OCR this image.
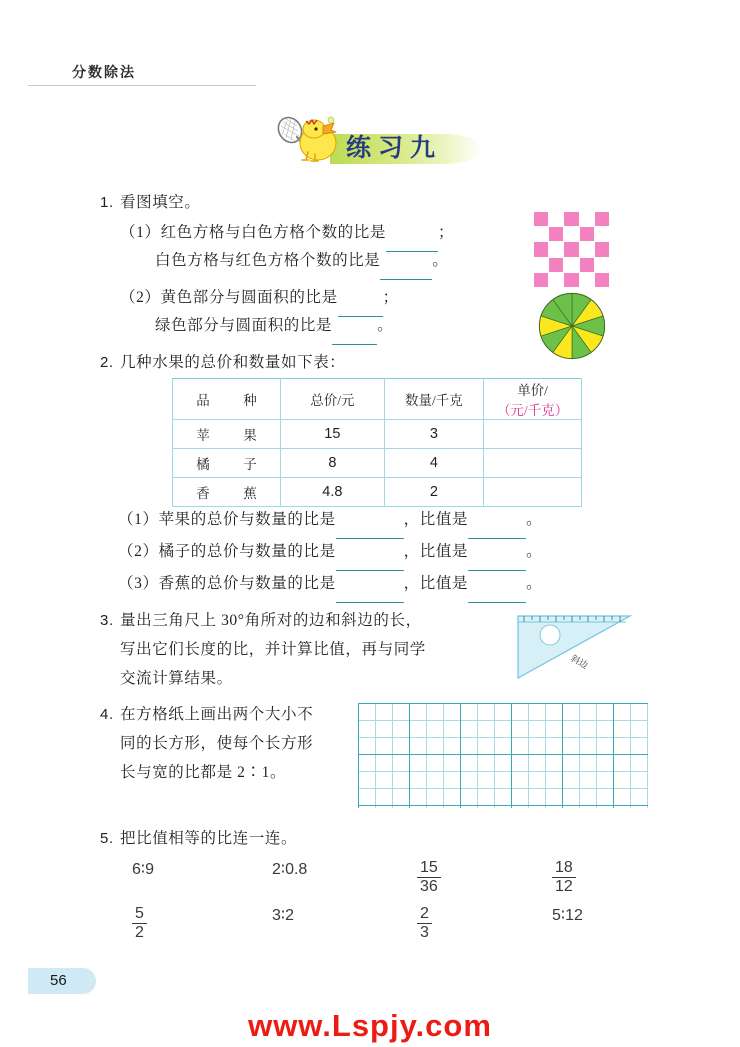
分数除法
练习九
1. 看图填空。
（1）红色方格与白色方格个数的比是	；
白色方格与红色方格个数的比是	。
（2）黄色部分与圆面积的比是	；
绿色部分与圆面积的比是	。
2. 几种水果的总价和数量如下表：
品　种	总价/元	数量/千克	单价/（元/千克）
苹　果	15	3	
橘　子	8	4	
香　蕉	4.8	2	
（1）苹果的总价与数量的比是	，比值是	。
（2）橘子的总价与数量的比是	，比值是	。
（3）香蕉的总价与数量的比是	，比值是	。
3. 量出三角尺上 30°角所对的边和斜边的长，
写出它们长度的比，并计算比值，再与同学
交流计算结果。
斜边
4. 在方格纸上画出两个大小不
同的长方形，使每个长方形
长与宽的比都是 2∶1。
5. 把比值相等的比连一连。
6∶9	2∶0.8	$\frac{15}{36}$	$\frac{18}{12}$
$\frac{5}{2}$	3∶2	$\frac{2}{3}$	5∶12
56
www.Lspjy.com
